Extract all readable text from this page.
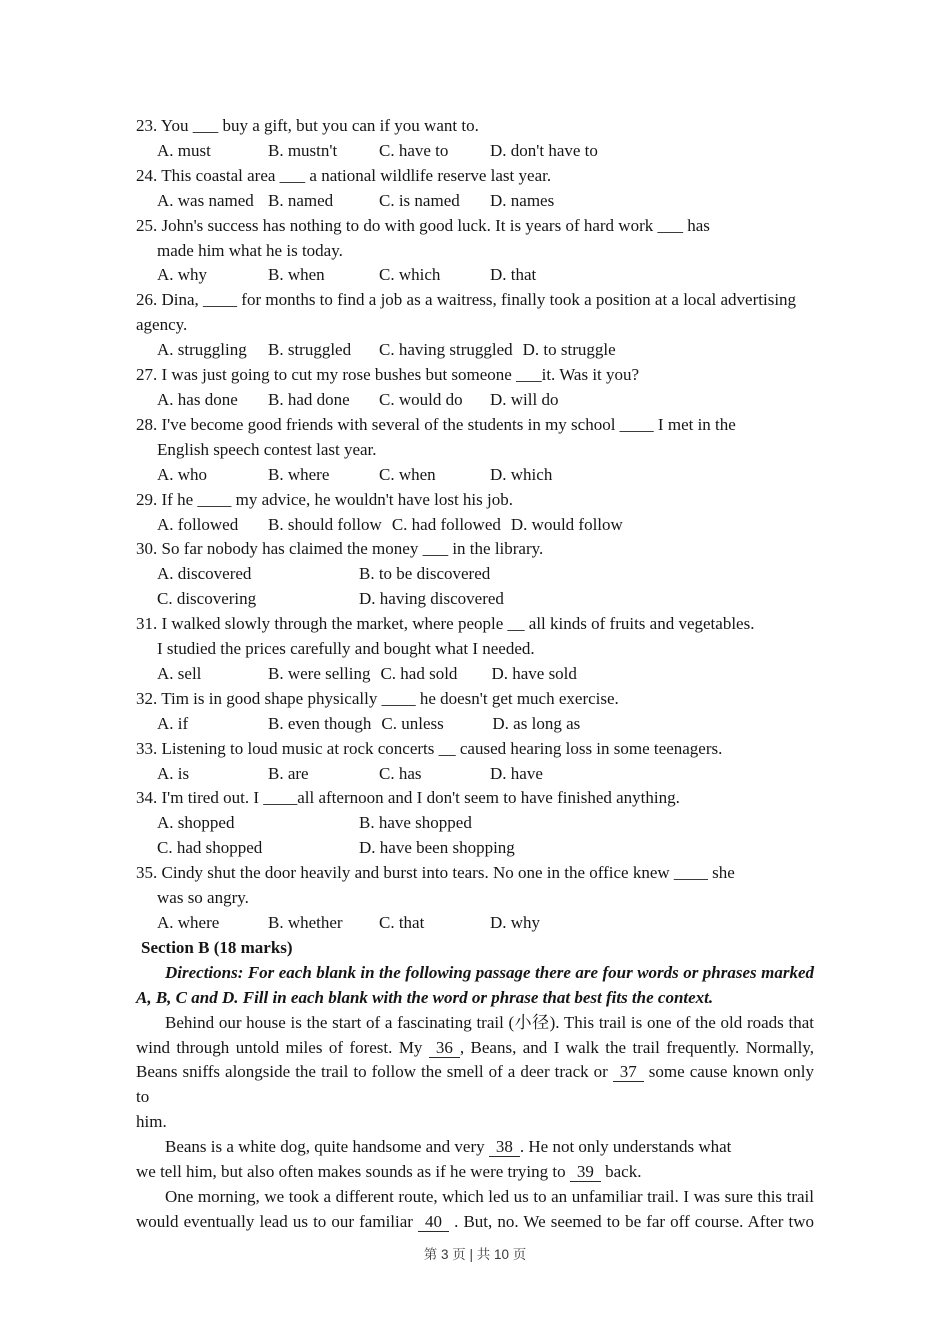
23. You ___ buy a gift, but you can if you want to.
A. must	B. mustn't	C. have to	D. don't have to
24. This coastal area ___ a national wildlife reserve last year.
A. was named B. named	C. is named	D. names
25. John's success has nothing to do with good luck. It is years of hard work ___ has
made him what he is today.
A. why	B. when	C. which	D. that
26. Dina, ____ for months to find a job as a waitress, finally took a position at a local advertising
agency.
A. struggling	B. struggled	C. having struggled D. to struggle
27. I was just going to cut my rose bushes but someone ___it. Was it you?
A. has done	B. had done	C. would do	D. will do
28. I've become good friends with several of the students in my school ____ I met in the
English speech contest last year.
A. who	B. where	C. when	D. which
29. If he ____ my advice, he wouldn't have lost his job.
A. followed	B. should follow C. had followed D. would follow
30. So far nobody has claimed the money ___ in the library.
A. discovered	B. to be discovered
C. discovering	D. having discovered
31. I walked slowly through the market, where people __ all kinds of fruits and vegetables.
I studied the prices carefully and bought what I needed.
A. sell	B. were selling C. had sold	D. have sold
32. Tim is in good shape physically ____ he doesn't get much exercise.
A. if	B. even though C. unless	D. as long as
33. Listening to loud music at rock concerts __ caused hearing loss in some teenagers.
A. is	B. are	C. has	D. have
34. I'm tired out. I ____all afternoon and I don't seem to have finished anything.
A. shopped	B. have shopped
C. had shopped	D. have been shopping
35. Cindy shut the door heavily and burst into tears. No one in the office knew ____ she
was so angry.
A. where	B. whether	C. that	D. why
Section B (18 marks)
Directions: For each blank in the following passage there are four words or phrases marked
A, B, C and D. Fill in each blank with the word or phrase that best fits the context.
Behind our house is the start of a fascinating trail (小径). This trail is one of the old roads that
wind through untold miles of forest. My 36 , Beans, and I walk the trail frequently. Normally,
Beans sniffs alongside the trail to follow the smell of a deer track or 37 some cause known only to
him.
Beans is a white dog, quite handsome and very 38 . He not only understands what
we tell him, but also often makes sounds as if he were trying to 39 back.
One morning, we took a different route, which led us to an unfamiliar trail. I was sure this trail
would eventually lead us to our familiar 40 . But, no. We seemed to be far off course. After two
第 3 页 | 共 10 页
